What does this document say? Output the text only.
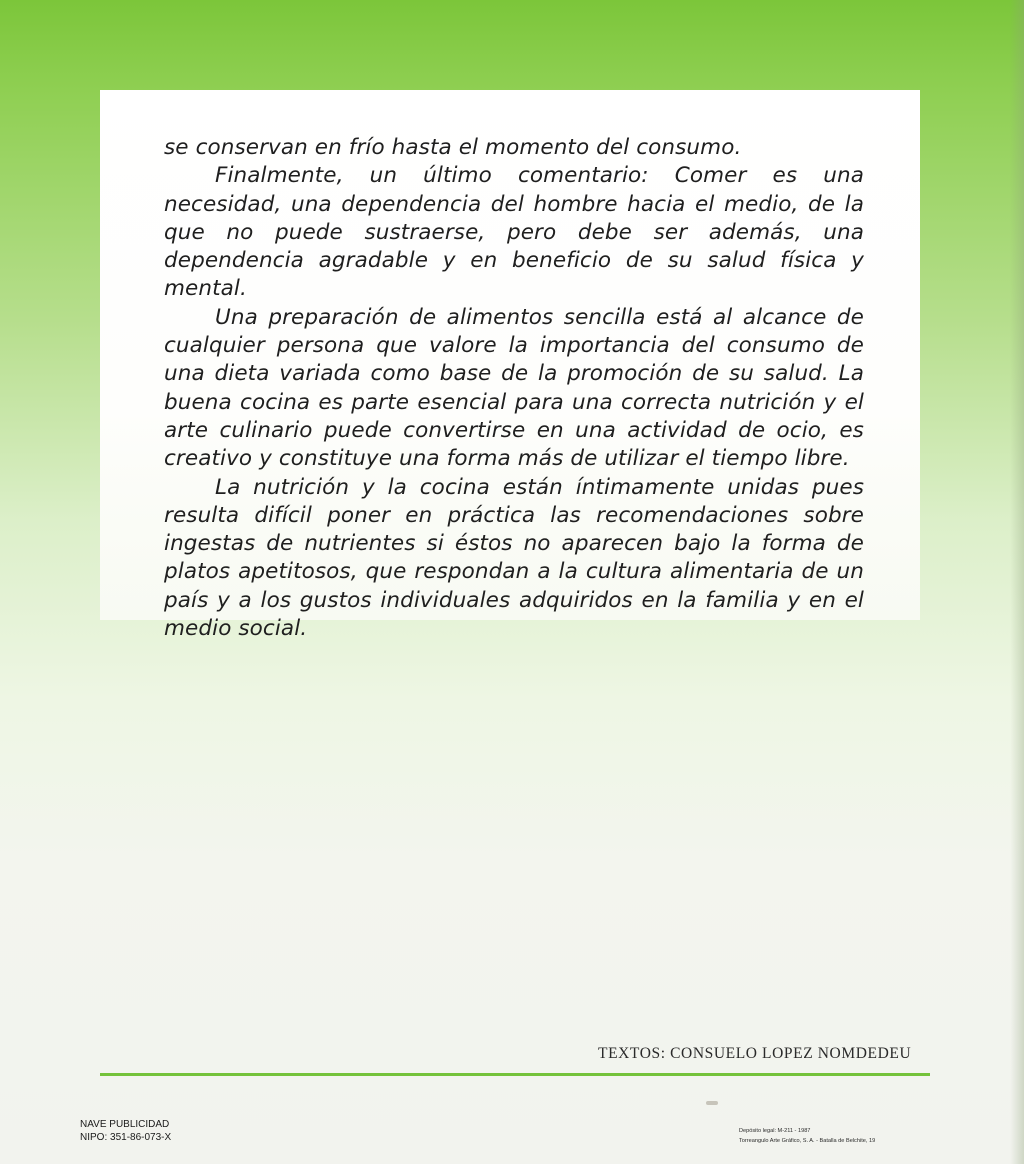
se conservan en frío hasta el momento del consumo.

Finalmente, un último comentario: Comer es una necesidad, una dependencia del hombre hacia el medio, de la que no puede sustraerse, pero debe ser además, una dependencia agradable y en beneficio de su salud física y mental.

Una preparación de alimentos sencilla está al alcance de cualquier persona que valore la importancia del consumo de una dieta variada como base de la promoción de su salud. La buena cocina es parte esencial para una correcta nutrición y el arte culinario puede convertirse en una actividad de ocio, es creativo y constituye una forma más de utilizar el tiempo libre.

La nutrición y la cocina están íntimamente unidas pues resulta difícil poner en práctica las recomendaciones sobre ingestas de nutrientes si éstos no aparecen bajo la forma de platos apetitosos, que respondan a la cultura alimentaria de un país y a los gustos individuales adquiridos en la familia y en el medio social.

TEXTOS: CONSUELO LOPEZ NOMDEDEU
NAVE PUBLICIDAD
NIPO: 351-86-073-X
Depósito legal: M-211 - 1987
Torreangulo Arte Gráfico, S. A. - Batalla de Belchite, 19
